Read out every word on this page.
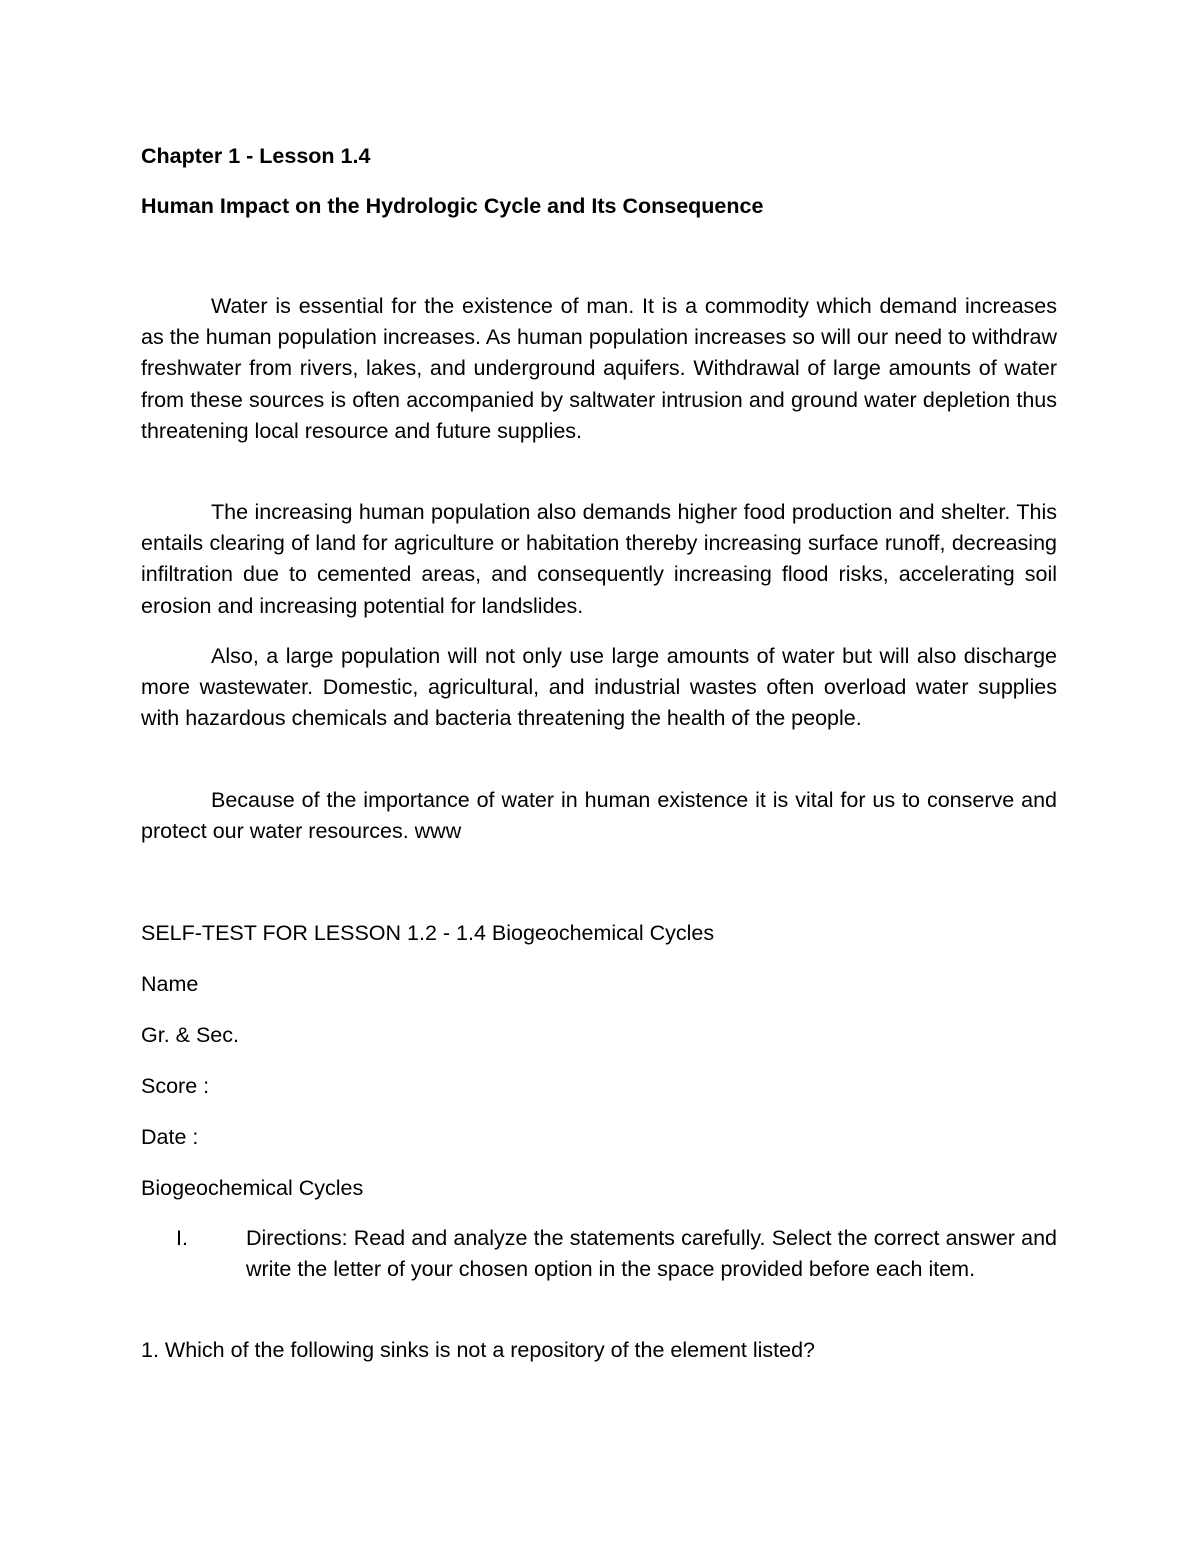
Chapter 1 - Lesson 1.4

Human Impact on the Hydrologic Cycle and Its Consequence

Water is essential for the existence of man. It is a commodity which demand increases as the human population increases. As human population increases so will our need to withdraw freshwater from rivers, lakes, and underground aquifers. Withdrawal of large amounts of water from these sources is often accompanied by saltwater intrusion and ground water depletion thus threatening local resource and future supplies.

The increasing human population also demands higher food production and shelter. This entails clearing of land for agriculture or habitation thereby increasing surface runoff, decreasing infiltration due to cemented areas, and consequently increasing flood risks, accelerating soil erosion and increasing potential for landslides.

Also, a large population will not only use large amounts of water but will also discharge more wastewater. Domestic, agricultural, and industrial wastes often overload water supplies with hazardous chemicals and bacteria threatening the health of the people.

Because of the importance of water in human existence it is vital for us to conserve and protect our water resources. www

SELF-TEST FOR LESSON 1.2 - 1.4 Biogeochemical Cycles

Name

Gr. & Sec.

Score :

Date :

Biogeochemical Cycles

I.	Directions: Read and analyze the statements carefully. Select the correct answer and write the letter of your chosen option in the space provided before each item.

1. Which of the following sinks is not a repository of the element listed?
